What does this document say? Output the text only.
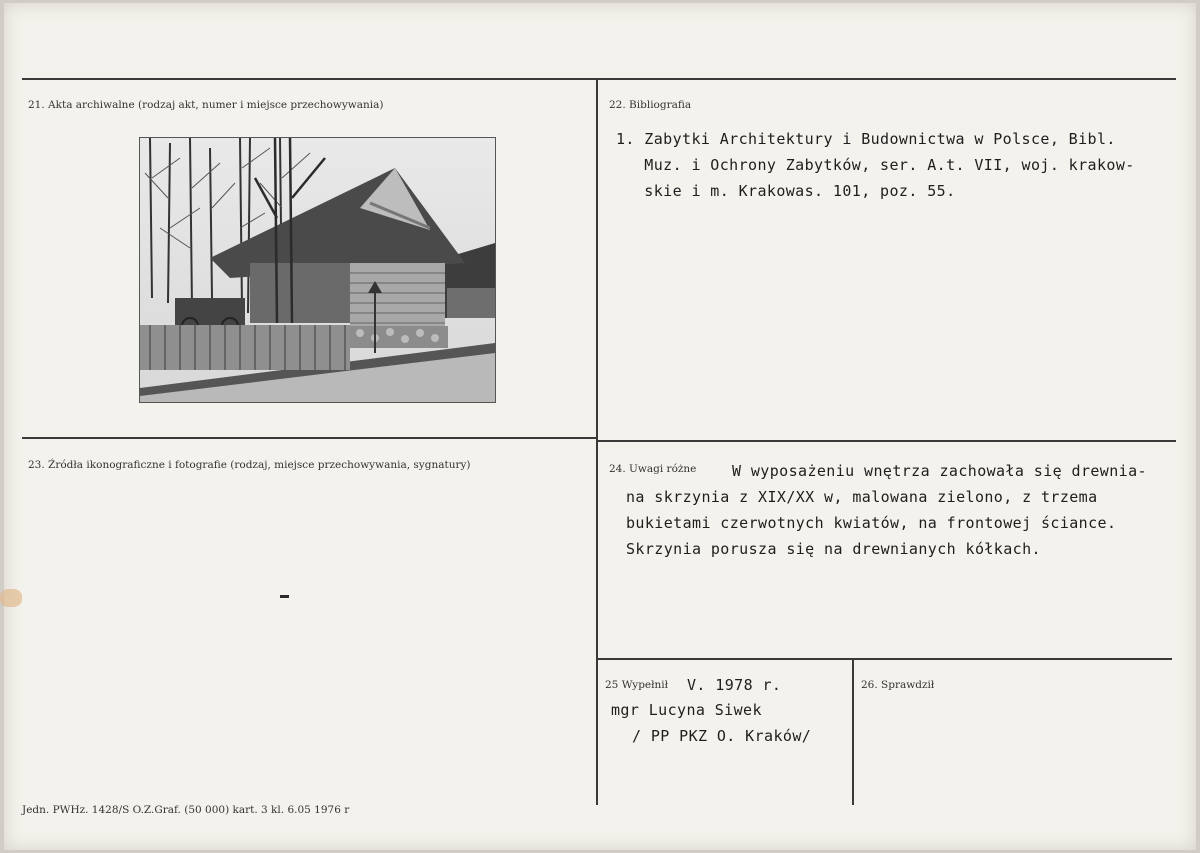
21. Akta archiwalne (rodzaj akt, numer i miejsce przechowywania)	22. Bibliografia
1. Zabytki Architektury i Budownictwa w Polsce, Bibl.
Muz. i Ochrony Zabytków, ser. A.t. VII, woj. krakow-
skie i m. Krakowas. 101, poz. 55.
23. Źródła ikonograficzne i fotografie (rodzaj, miejsce przechowywania, sygnatury)	24. Uwagi różne W wyposażeniu wnętrza zachowała się drewnia-
na skrzynia z XIX/XX w, malowana zielono, z trzema
bukietami czerwotnych kwiatów, na frontowej ściance.
Skrzynia porusza się na drewnianych kółkach.
25 Wypełnił V. 1978 r.
mgr Lucyna Siwek
/ PP PKZ O. Kraków/
26. Sprawdził
Jedn. PWHz. 1428/S O.Z.Graf. (50 000) kart. 3 kl. 6.05 1976 r
